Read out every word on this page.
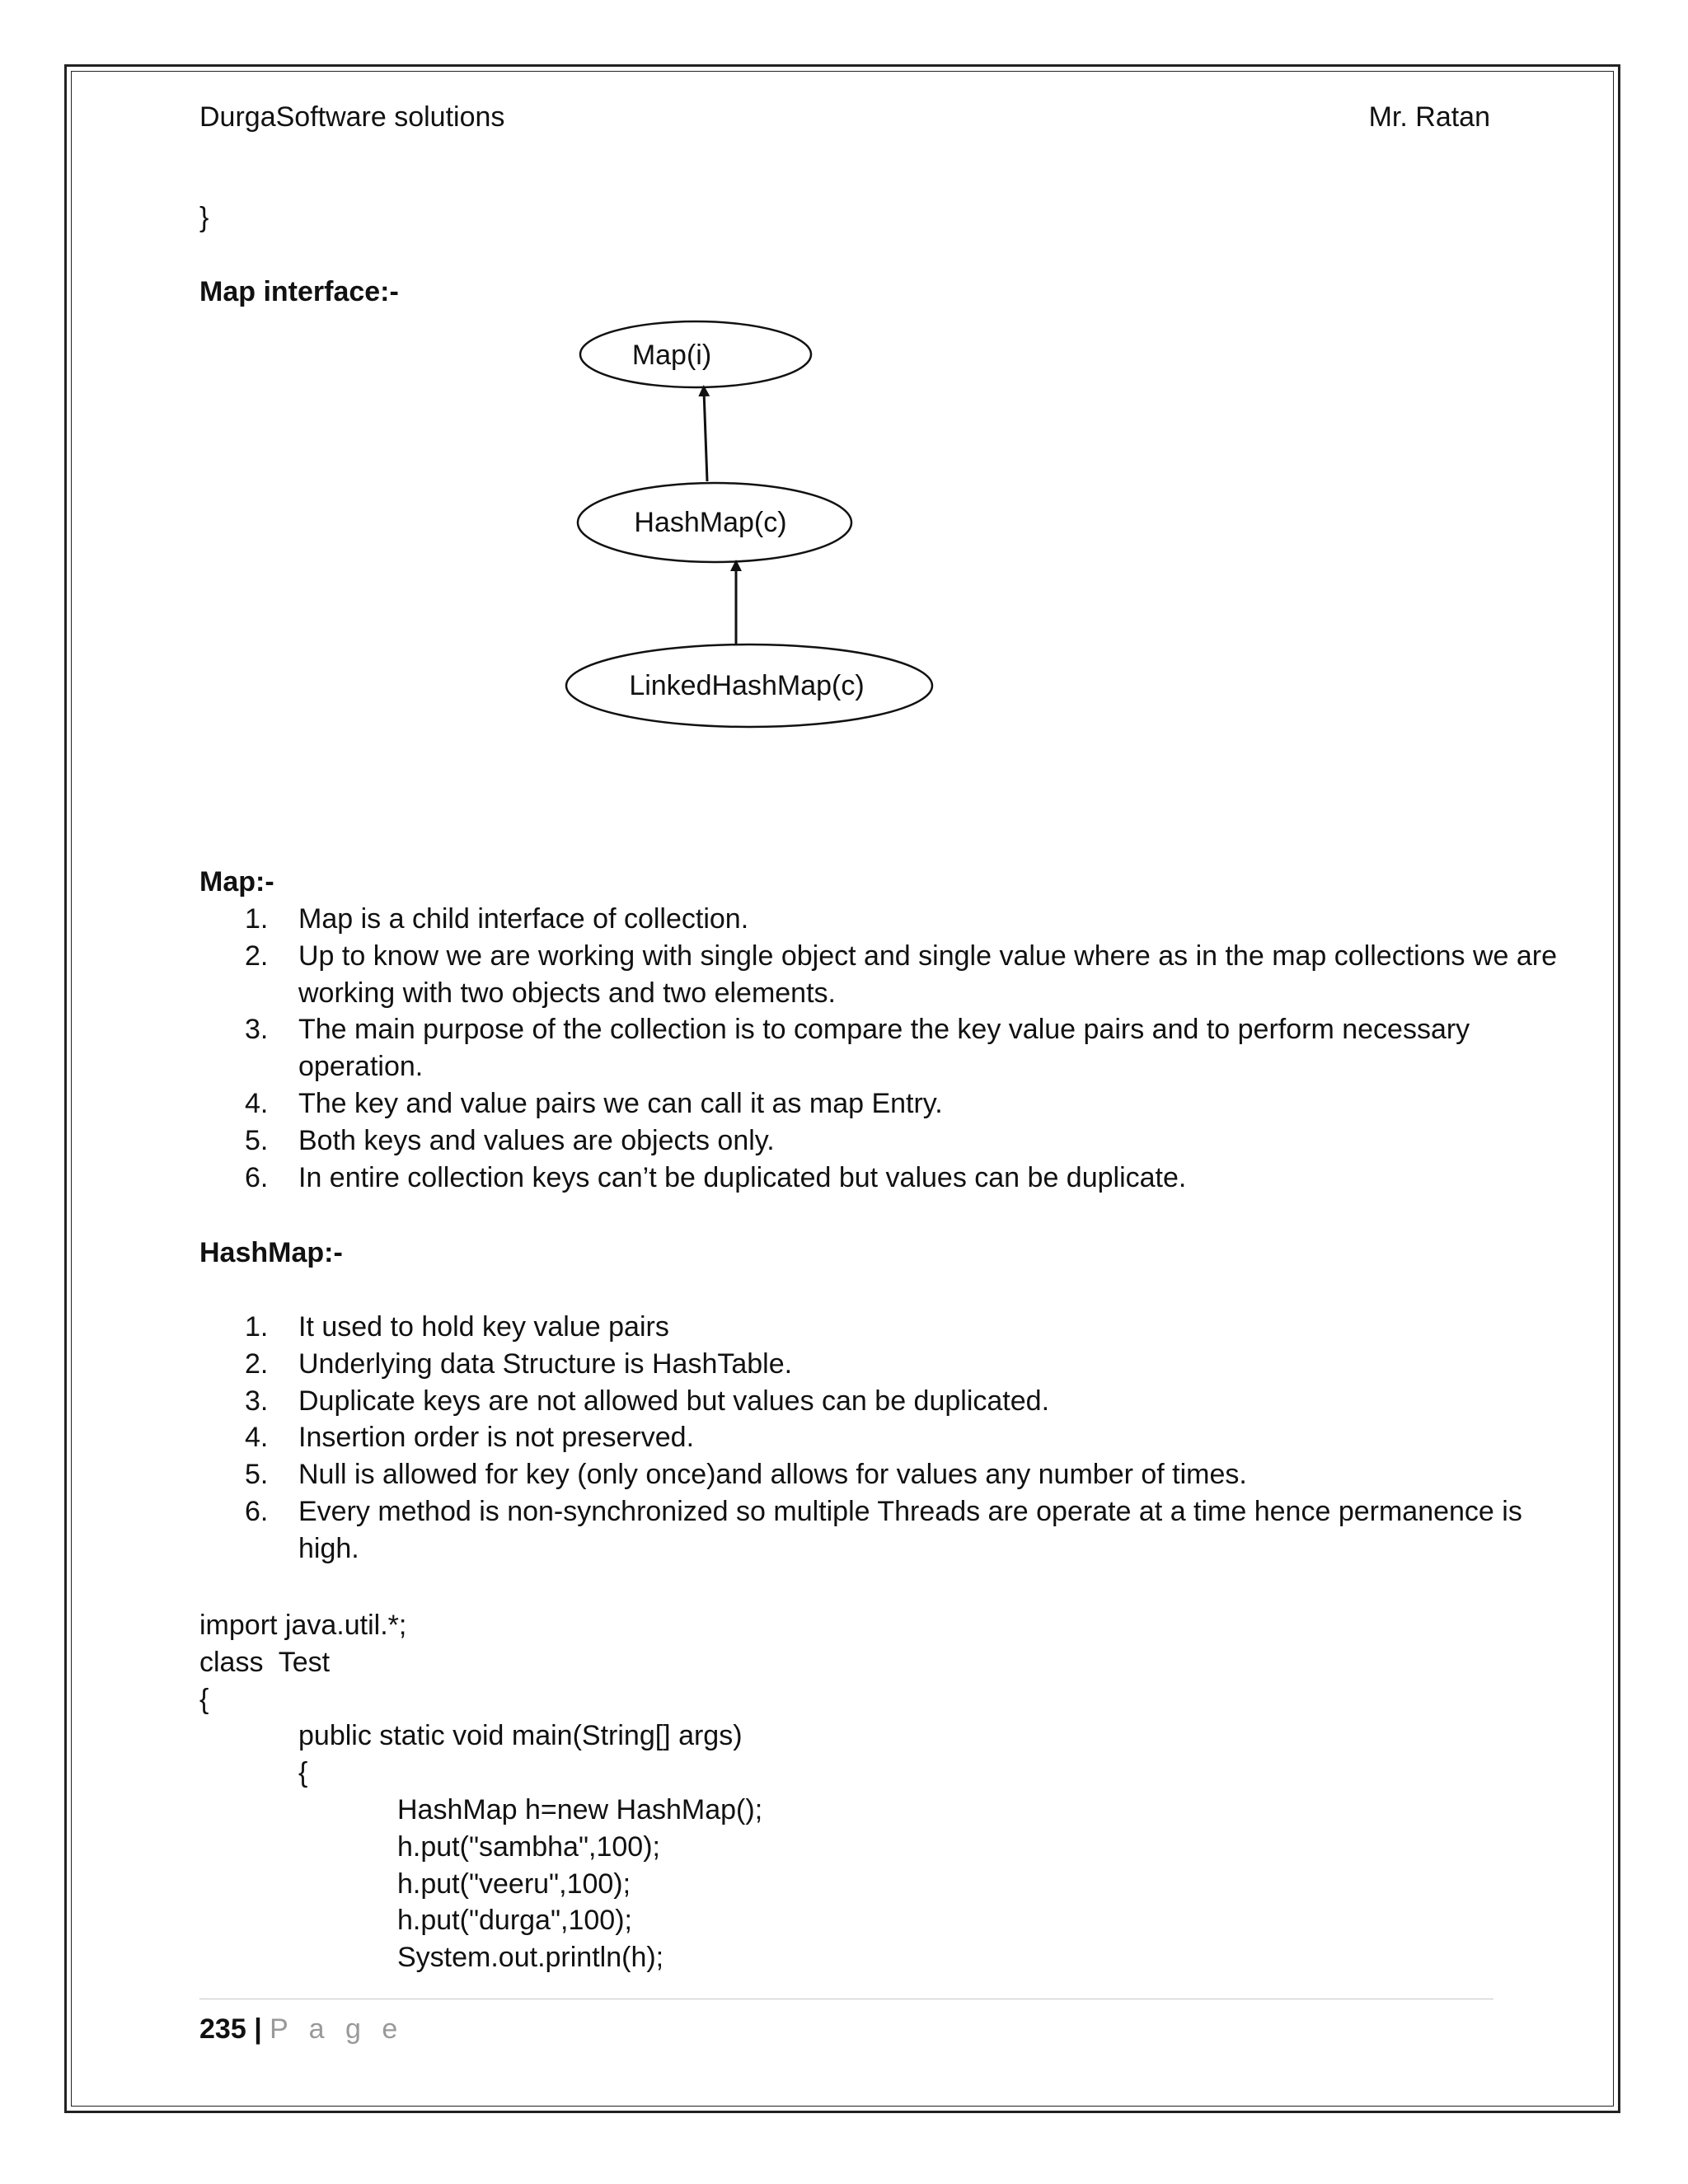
DurgaSoftware solutions	Mr. Ratan
}
Map interface:-
Map(i)
HashMap(c)
LinkedHashMap(c)
Map:-
1. Map is a child interface of collection.
2. Up to know we are working with single object and single value where as in the map collections we are working with two objects and two elements.
3. The main purpose of the collection is to compare the key value pairs and to perform necessary operation.
4. The key and value pairs we can call it as map Entry.
5. Both keys and values are objects only.
6. In entire collection keys can’t be duplicated but values can be duplicate.
HashMap:-
1. It used to hold key value pairs
2. Underlying data Structure is HashTable.
3. Duplicate keys are not allowed but values can be duplicated.
4. Insertion order is not preserved.
5. Null is allowed for key (only once)and allows for values any number of times.
6. Every method is non-synchronized so multiple Threads are operate at a time hence permanence is high.
import java.util.*;
class  Test
{
public static void main(String[] args)
{
HashMap h=new HashMap();
h.put("sambha",100);
h.put("veeru",100);
h.put("durga",100);
System.out.println(h);
235 | P a g e
